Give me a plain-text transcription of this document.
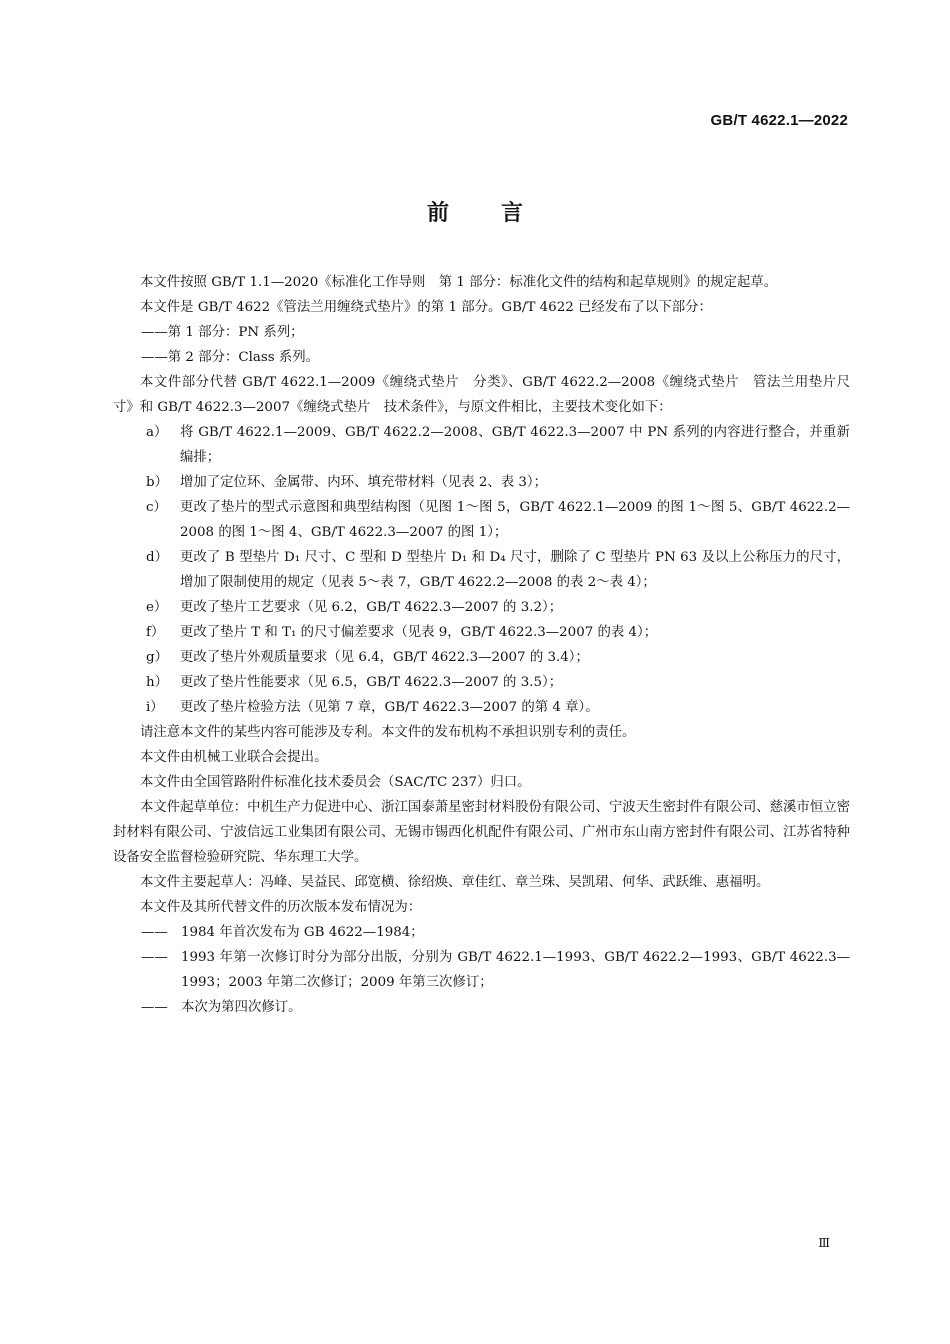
GB/T 4622.1—2022
前 言

本文件按照 GB/T 1.1—2020《标准化工作导则　第 1 部分：标准化文件的结构和起草规则》的规定起草。

本文件是 GB/T 4622《管法兰用缠绕式垫片》的第 1 部分。GB/T 4622 已经发布了以下部分：

——第 1 部分：PN 系列；

——第 2 部分：Class 系列。

本文件部分代替 GB/T 4622.1—2009《缠绕式垫片　分类》、GB/T 4622.2—2008《缠绕式垫片　管法兰用垫片尺寸》和 GB/T 4622.3—2007《缠绕式垫片　技术条件》，与原文件相比，主要技术变化如下：

a） 将 GB/T 4622.1—2009、GB/T 4622.2—2008、GB/T 4622.3—2007 中 PN 系列的内容进行整合，并重新编排；
b） 增加了定位环、金属带、内环、填充带材料（见表 2、表 3）；
c） 更改了垫片的型式示意图和典型结构图（见图 1～图 5，GB/T 4622.1—2009 的图 1～图 5、GB/T 4622.2—2008 的图 1～图 4、GB/T 4622.3—2007 的图 1）；
d） 更改了 B 型垫片 D₁ 尺寸、C 型和 D 型垫片 D₁ 和 D₄ 尺寸，删除了 C 型垫片 PN 63 及以上公称压力的尺寸，增加了限制使用的规定（见表 5～表 7，GB/T 4622.2—2008 的表 2～表 4）；
e） 更改了垫片工艺要求（见 6.2，GB/T 4622.3—2007 的 3.2）；
f）	更改了垫片 T 和 T₁ 的尺寸偏差要求（见表 9，GB/T 4622.3—2007 的表 4）；
g） 更改了垫片外观质量要求（见 6.4，GB/T 4622.3—2007 的 3.4）；
h） 更改了垫片性能要求（见 6.5，GB/T 4622.3—2007 的 3.5）；
i）	更改了垫片检验方法（见第 7 章，GB/T 4622.3—2007 的第 4 章）。

请注意本文件的某些内容可能涉及专利。本文件的发布机构不承担识别专利的责任。

本文件由机械工业联合会提出。

本文件由全国管路附件标准化技术委员会（SAC/TC 237）归口。

本文件起草单位：中机生产力促进中心、浙江国泰萧星密封材料股份有限公司、宁波天生密封件有限公司、慈溪市恒立密封材料有限公司、宁波信远工业集团有限公司、无锡市锡西化机配件有限公司、广州市东山南方密封件有限公司、江苏省特种设备安全监督检验研究院、华东理工大学。

本文件主要起草人：冯峰、吴益民、邱宽横、徐绍焕、章佳红、章兰珠、吴凯珺、何华、武跃维、惠福明。

本文件及其所代替文件的历次版本发布情况为：

—— 1984 年首次发布为 GB 4622—1984；
—— 1993 年第一次修订时分为部分出版，分别为 GB/T 4622.1—1993、GB/T 4622.2—1993、GB/T 4622.3—1993；2003 年第二次修订；2009 年第三次修订；
—— 本次为第四次修订。
Ⅲ
